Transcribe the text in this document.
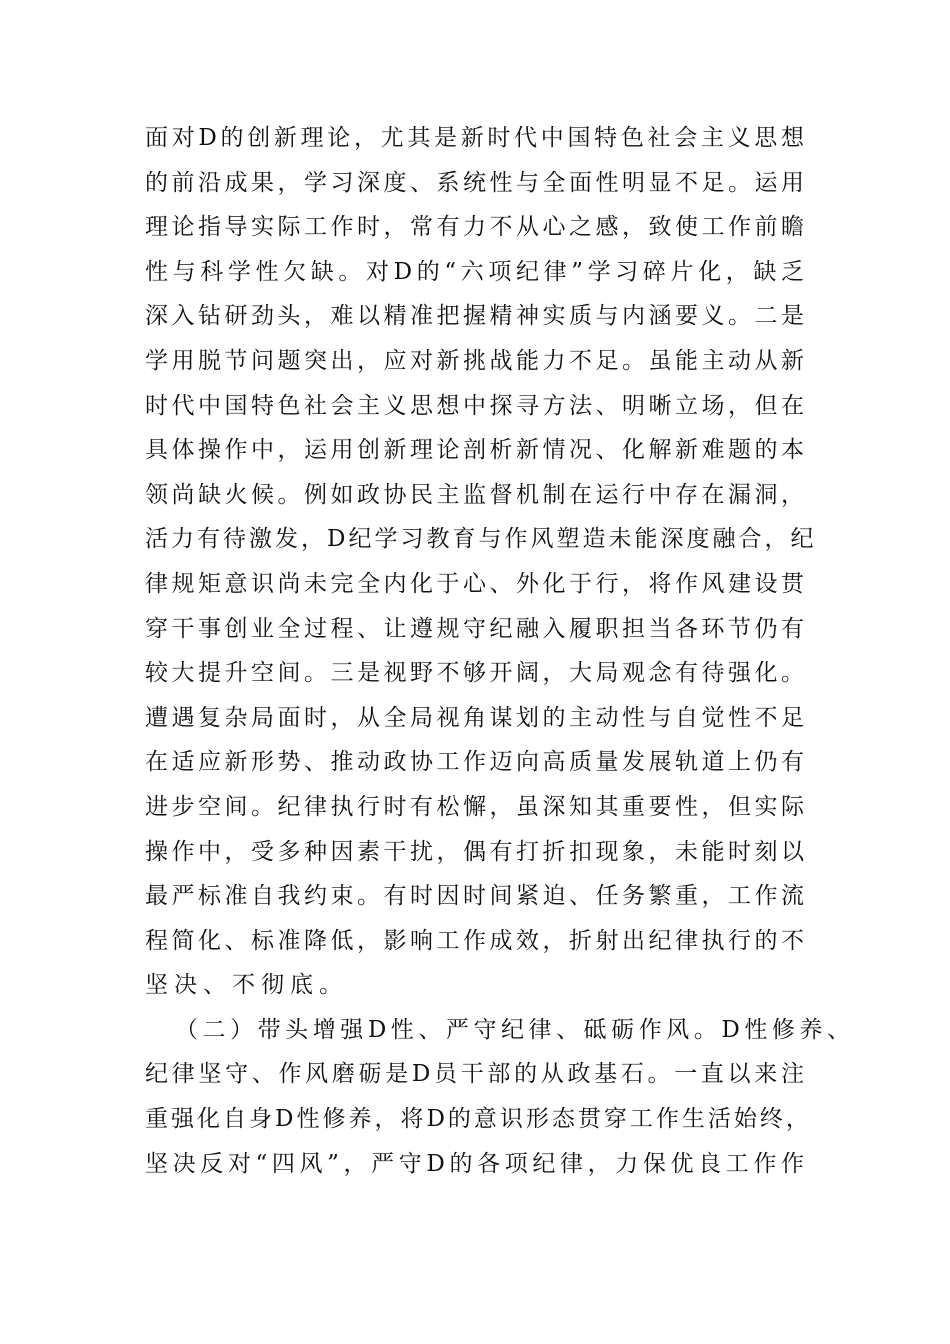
面对D的创新理论，尤其是新时代中国特色社会主义思想
的前沿成果，学习深度、系统性与全面性明显不足。运用
理论指导实际工作时，常有力不从心之感，致使工作前瞻
性与科学性欠缺。对D的“六项纪律”学习碎片化，缺乏
深入钻研劲头，难以精准把握精神实质与内涵要义。二是
学用脱节问题突出，应对新挑战能力不足。虽能主动从新
时代中国特色社会主义思想中探寻方法、明晰立场，但在
具体操作中，运用创新理论剖析新情况、化解新难题的本
领尚缺火候。例如政协民主监督机制在运行中存在漏洞，
活力有待激发，D纪学习教育与作风塑造未能深度融合，纪
律规矩意识尚未完全内化于心、外化于行，将作风建设贯
穿干事创业全过程、让遵规守纪融入履职担当各环节仍有
较大提升空间。三是视野不够开阔，大局观念有待强化。
遭遇复杂局面时，从全局视角谋划的主动性与自觉性不足
在适应新形势、推动政协工作迈向高质量发展轨道上仍有
进步空间。纪律执行时有松懈，虽深知其重要性，但实际
操作中，受多种因素干扰，偶有打折扣现象，未能时刻以
最严标准自我约束。有时因时间紧迫、任务繁重，工作流
程简化、标准降低，影响工作成效，折射出纪律执行的不
坚决、不彻底。
（二）带头增强D性、严守纪律、砥砺作风。D性修养、
纪律坚守、作风磨砺是D员干部的从政基石。一直以来注
重强化自身D性修养，将D的意识形态贯穿工作生活始终，
坚决反对“四风”，严守D的各项纪律，力保优良工作作
